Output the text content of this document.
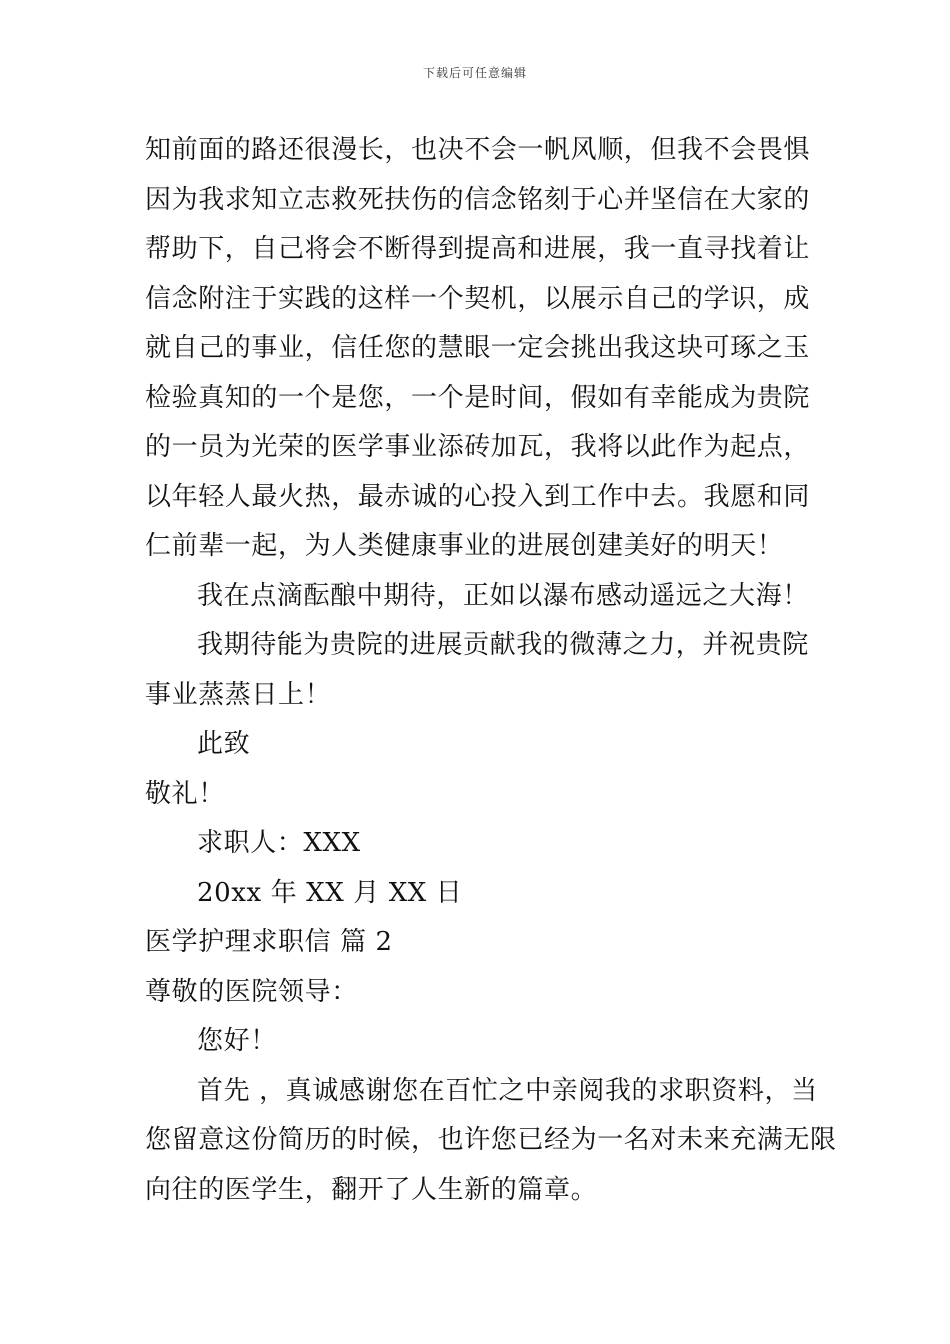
下载后可任意编辑
知前面的路还很漫长，也决不会一帆风顺，但我不会畏惧
因为我求知立志救死扶伤的信念铭刻于心并坚信在大家的
帮助下，自己将会不断得到提高和进展，我一直寻找着让
信念附注于实践的这样一个契机，以展示自己的学识，成
就自己的事业，信任您的慧眼一定会挑出我这块可琢之玉
检验真知的一个是您，一个是时间，假如有幸能成为贵院
的一员为光荣的医学事业添砖加瓦，我将以此作为起点，
以年轻人最火热，最赤诚的心投入到工作中去。我愿和同
仁前辈一起，为人类健康事业的进展创建美好的明天！
我在点滴酝酿中期待，正如以瀑布感动遥远之大海！
我期待能为贵院的进展贡献我的微薄之力，并祝贵院
事业蒸蒸日上！
此致
敬礼！
求职人：XXX
20xx 年 XX 月 XX 日
医学护理求职信 篇 2
尊敬的医院领导：
您好！
首先 ，真诚感谢您在百忙之中亲阅我的求职资料，当
您留意这份简历的时候，也许您已经为一名对未来充满无限
向往的医学生，翻开了人生新的篇章。
